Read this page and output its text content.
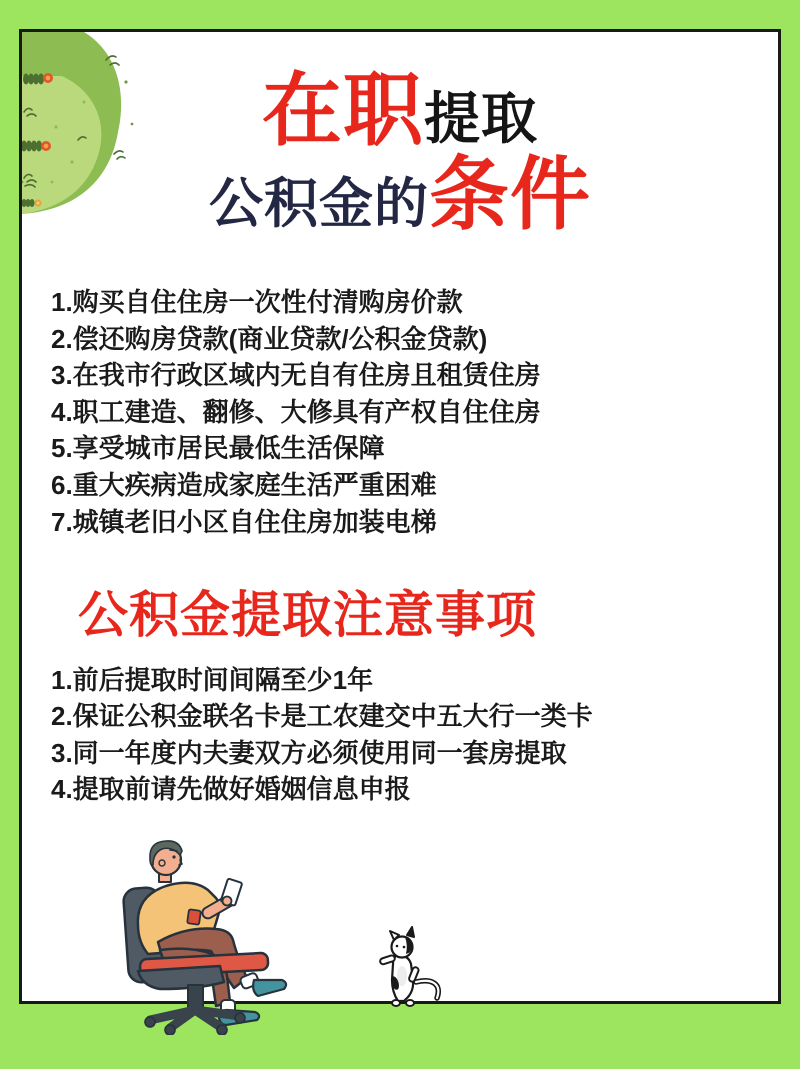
在职提取
公积金的条件
1.购买自住住房一次性付清购房价款
2.偿还购房贷款(商业贷款/公积金贷款)
3.在我市行政区域内无自有住房且租赁住房
4.职工建造、翻修、大修具有产权自住住房
5.享受城市居民最低生活保障
6.重大疾病造成家庭生活严重困难
7.城镇老旧小区自住住房加装电梯
公积金提取注意事项
1.前后提取时间间隔至少1年
2.保证公积金联名卡是工农建交中五大行一类卡
3.同一年度内夫妻双方必须使用同一套房提取
4.提取前请先做好婚姻信息申报
